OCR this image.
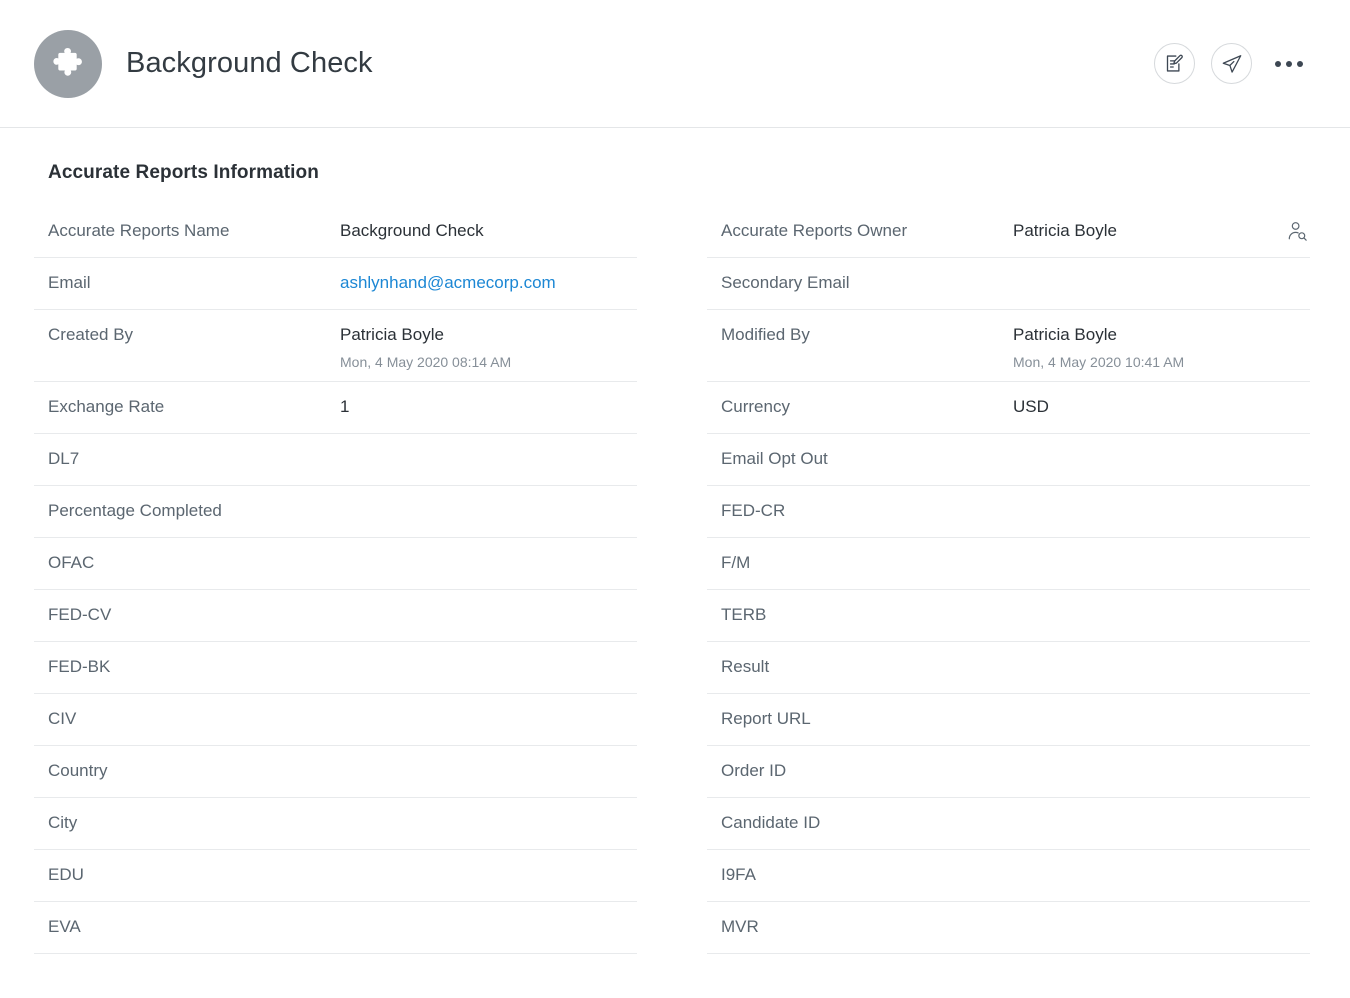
Background Check
Accurate Reports Information
Accurate Reports Name	Background Check
Email	ashlynhand@acmecorp.com
Created By	Patricia Boyle
Mon, 4 May 2020 08:14 AM
Exchange Rate	1
DL7
Percentage Completed
OFAC
FED-CV
FED-BK
CIV
Country
City
EDU
EVA
Accurate Reports Owner	Patricia Boyle
Secondary Email
Modified By	Patricia Boyle
Mon, 4 May 2020 10:41 AM
Currency	USD
Email Opt Out
FED-CR
F/M
TERB
Result
Report URL
Order ID
Candidate ID
I9FA
MVR
